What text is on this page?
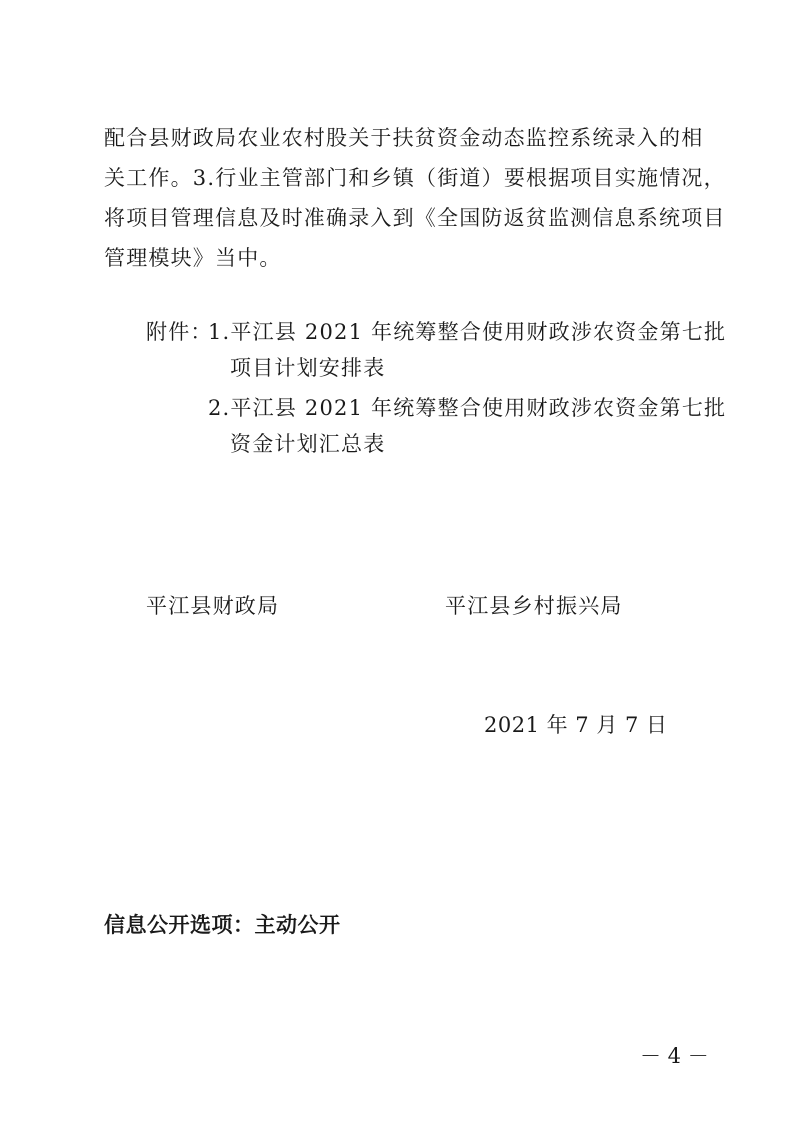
配合县财政局农业农村股关于扶贫资金动态监控系统录入的相
关工作。3.行业主管部门和乡镇（街道）要根据项目实施情况，
将项目管理信息及时准确录入到《全国防返贫监测信息系统项目
管理模块》当中。
附件：
1.平江县 2021 年统筹整合使用财政涉农资金第七批
项目计划安排表
2.平江县 2021 年统筹整合使用财政涉农资金第七批
资金计划汇总表
平江县财政局	平江县乡村振兴局
2021 年 7 月 7 日
信息公开选项：主动公开
－ 4 －
